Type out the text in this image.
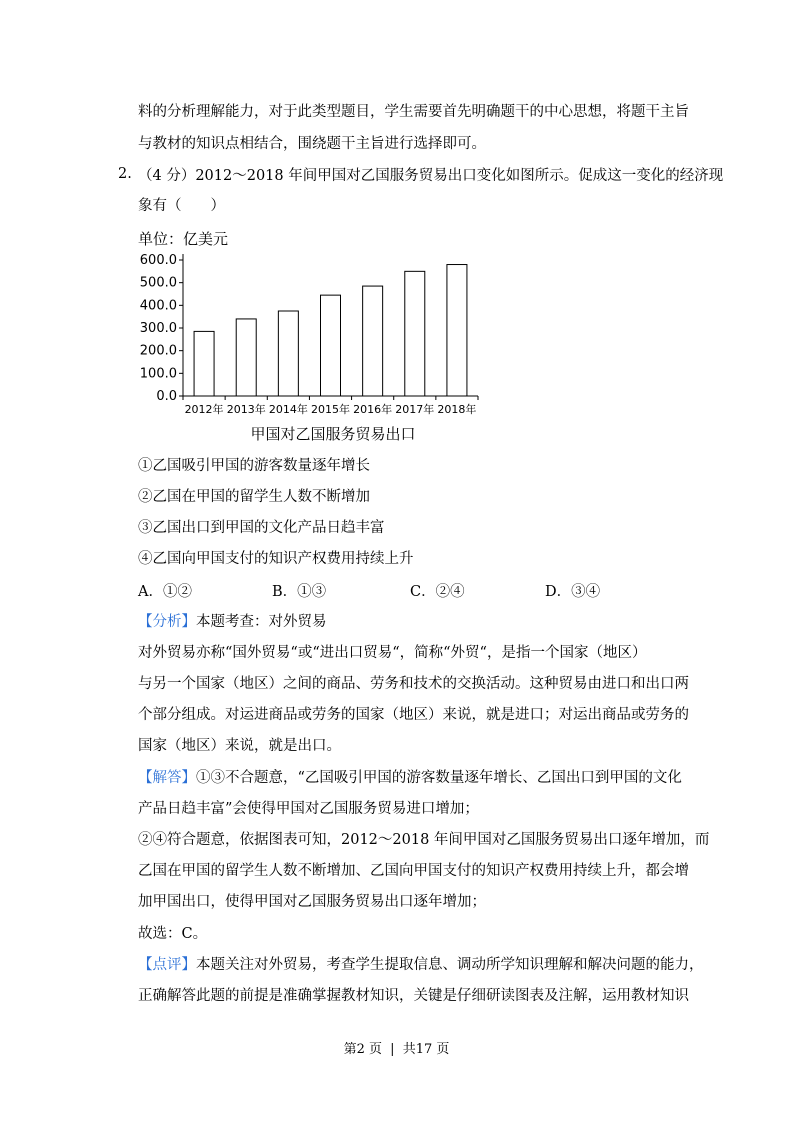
料的分析理解能力，对于此类型题目，学生需要首先明确题干的中心思想，将题干主旨
与教材的知识点相结合，围绕题干主旨进行选择即可。
2. （4 分）2012～2018 年间甲国对乙国服务贸易出口变化如图所示。促成这一变化的经济现
象有（　　）
单位：亿美元
0.0
100.0
200.0
300.0
400.0
500.0
600.0
2012年 2013年 2014年 2015年 2016年 2017年 2018年
甲国对乙国服务贸易出口
①乙国吸引甲国的游客数量逐年增长
②乙国在甲国的留学生人数不断增加
③乙国出口到甲国的文化产品日趋丰富
④乙国向甲国支付的知识产权费用持续上升
A．①②	B．①③	C．②④	D．③④
【分析】本题考查：对外贸易
对外贸易亦称“国外贸易“或“进出口贸易“，简称“外贸“，是指一个国家（地区）
与另一个国家（地区）之间的商品、劳务和技术的交换活动。这种贸易由进口和出口两
个部分组成。对运进商品或劳务的国家（地区）来说，就是进口；对运出商品或劳务的
国家（地区）来说，就是出口。
【解答】①③不合题意，“乙国吸引甲国的游客数量逐年增长、乙国出口到甲国的文化
产品日趋丰富”会使得甲国对乙国服务贸易进口增加；
②④符合题意，依据图表可知，2012～2018 年间甲国对乙国服务贸易出口逐年增加，而
乙国在甲国的留学生人数不断增加、乙国向甲国支付的知识产权费用持续上升，都会增
加甲国出口，使得甲国对乙国服务贸易出口逐年增加；
故选：C。
【点评】本题关注对外贸易，考查学生提取信息、调动所学知识理解和解决问题的能力，
正确解答此题的前提是准确掌握教材知识，关键是仔细研读图表及注解，运用教材知识
第2 页 | 共17 页
